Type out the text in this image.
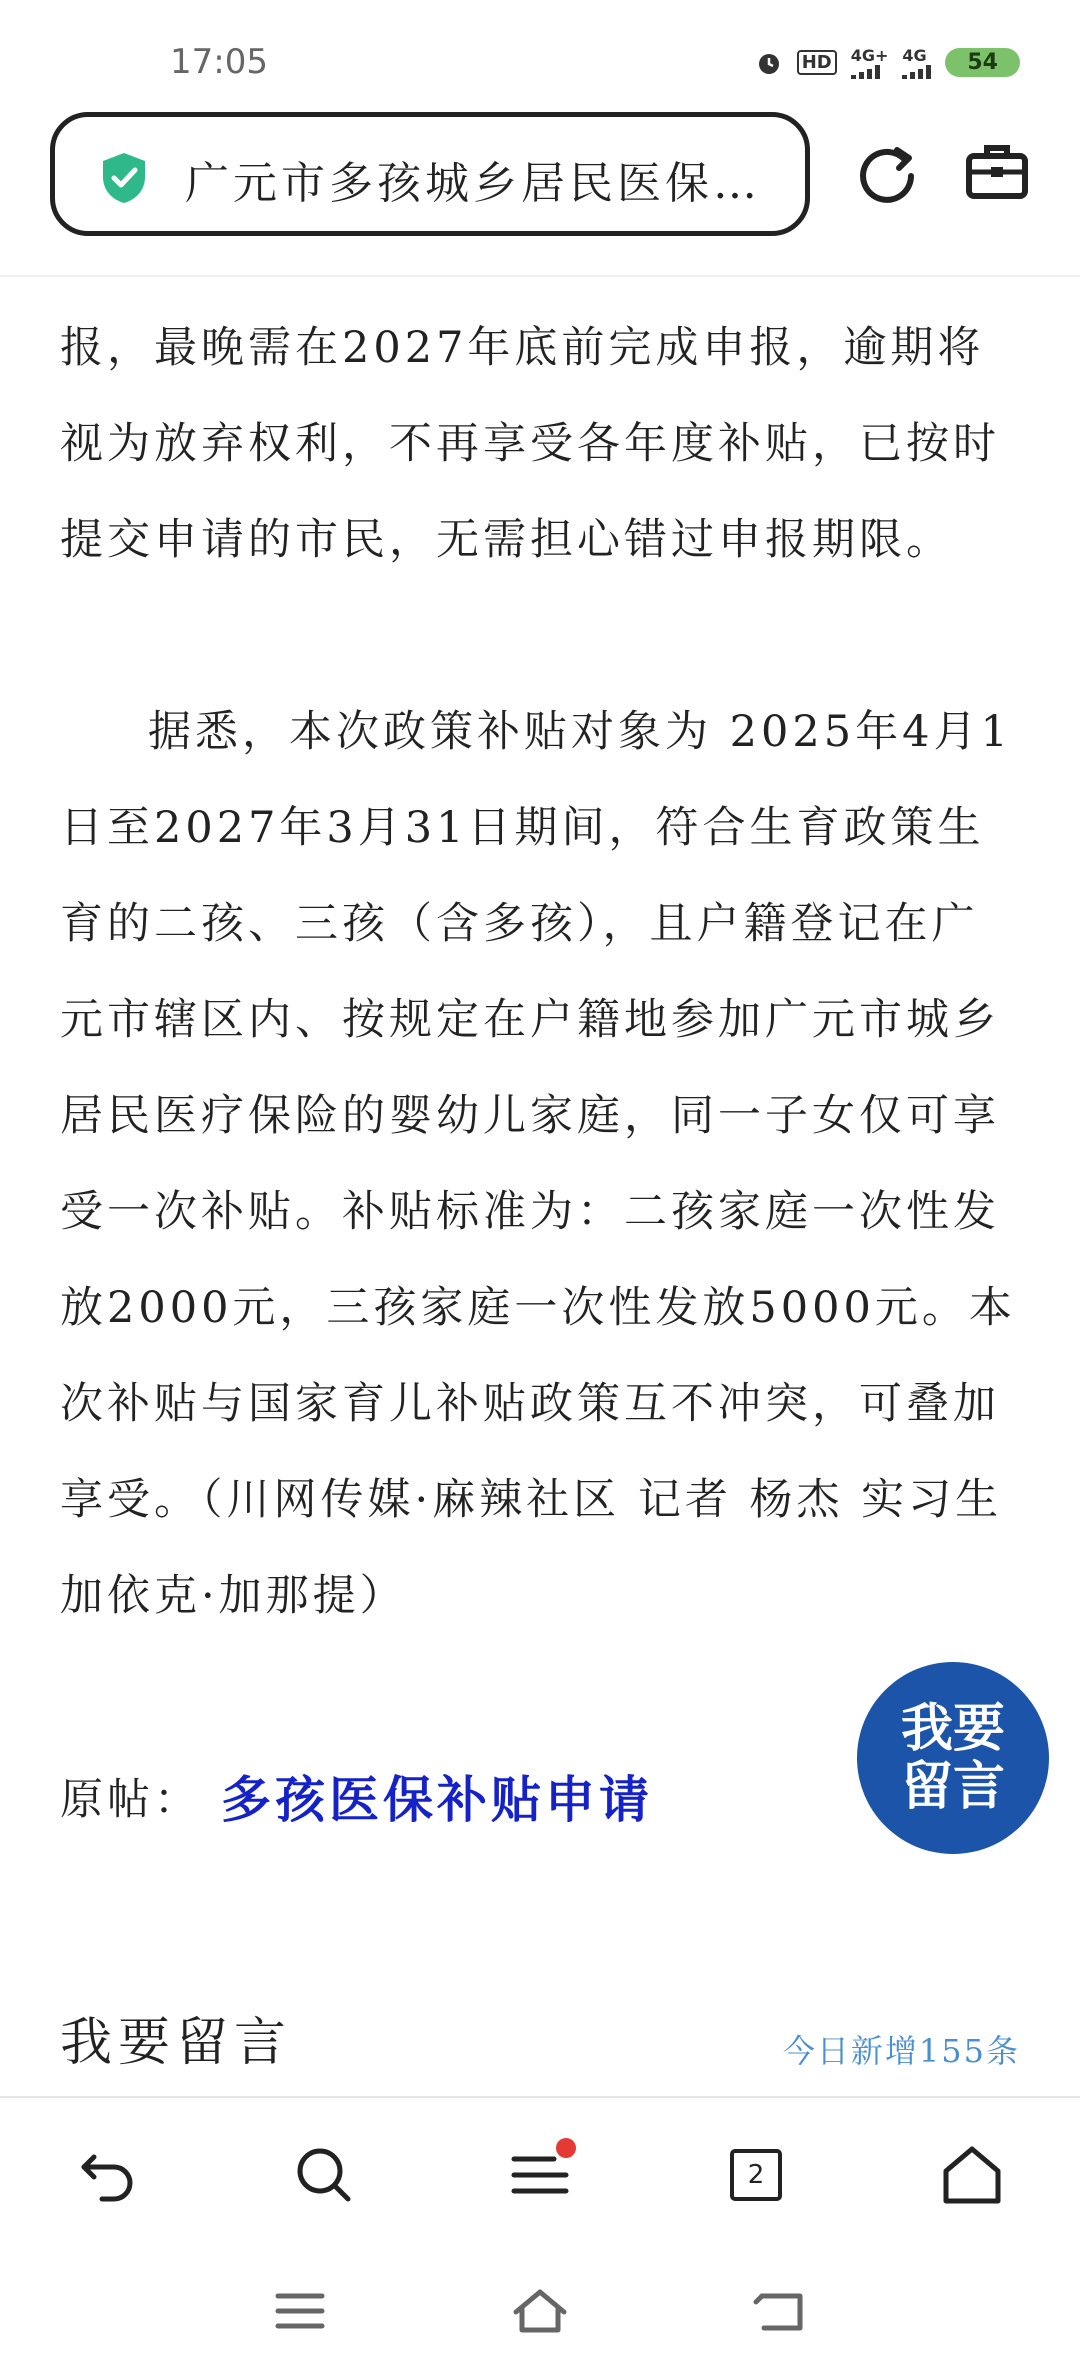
17:05	HD	4G+ 4G	54
广元市多孩城乡居民医保…

报，最晚需在2027年底前完成申报，逾期将视为放弃权利，不再享受各年度补贴，已按时提交申请的市民，无需担心错过申报期限。

据悉，本次政策补贴对象为 2025年4月1日至2027年3月31日期间，符合生育政策生育的二孩、三孩（含多孩），且户籍登记在广元市辖区内、按规定在户籍地参加广元市城乡居民医疗保险的婴幼儿家庭，同一子女仅可享受一次补贴。补贴标准为：二孩家庭一次性发放2000元，三孩家庭一次性发放5000元。本次补贴与国家育儿补贴政策互不冲突，可叠加享受。（川网传媒·麻辣社区 记者 杨杰 实习生 加依克·加那提）

原帖： 多孩医保补贴申请
我要
留言
我要留言	今日新增155条
2
